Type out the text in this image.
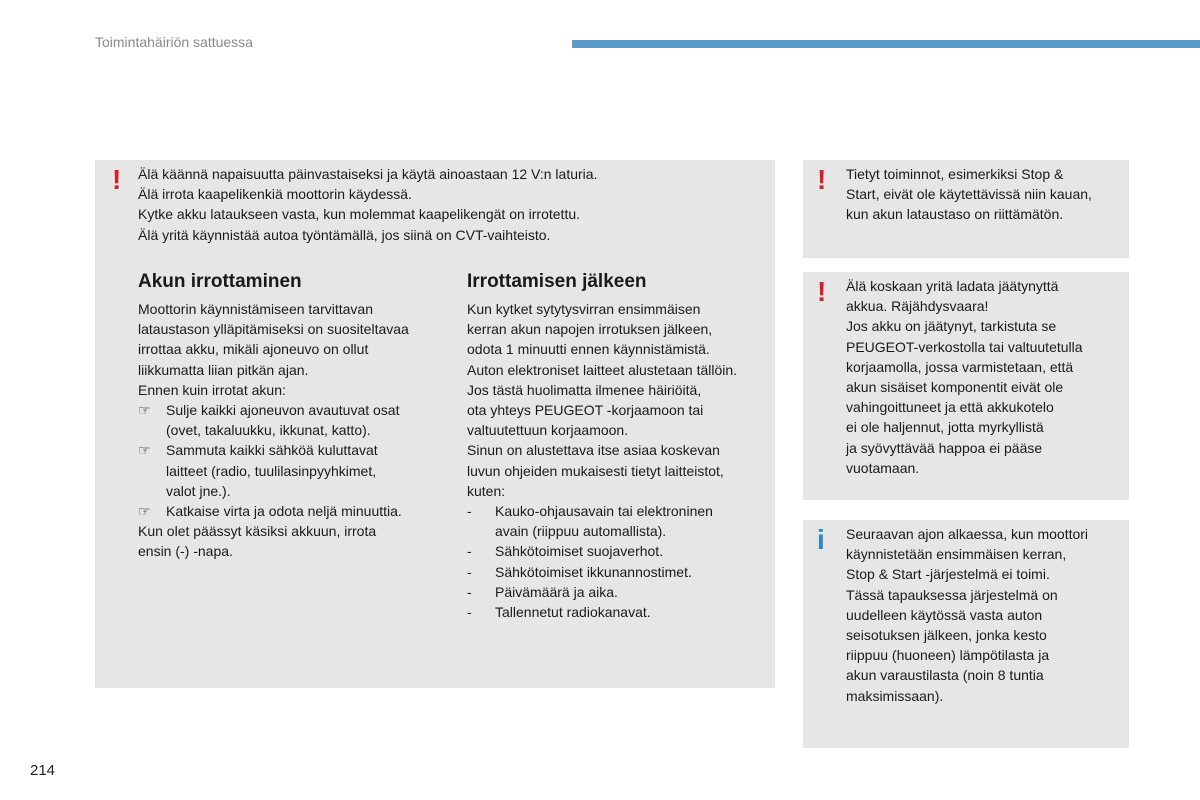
Toimintahäiriön sattuessa
!	!
!
i
Älä käännä napaisuutta päinvastaiseksi ja käytä ainoastaan 12 V:n laturia.
Älä irrota kaapelikenkiä moottorin käydessä.
Kytke akku lataukseen vasta, kun molemmat kaapelikengät on irrotettu.
Älä yritä käynnistää autoa työntämällä, jos siinä on CVT-vaihteisto.
Akun irrottaminen	Irrottamisen jälkeen
Moottorin käynnistämiseen tarvittavan
lataustason ylläpitämiseksi on suositeltavaa
irrottaa akku, mikäli ajoneuvo on ollut
liikkumatta liian pitkän ajan.
Ennen kuin irrotat akun:
☞	Sulje kaikki ajoneuvon avautuvat osat
(ovet, takaluukku, ikkunat, katto).
☞	Sammuta kaikki sähköä kuluttavat
laitteet (radio, tuulilasinpyyhkimet,
valot jne.).
☞	Katkaise virta ja odota neljä minuuttia.
Kun olet päässyt käsiksi akkuun, irrota
ensin (-) -napa.
Kun kytket sytytysvirran ensimmäisen
kerran akun napojen irrotuksen jälkeen,
odota 1 minuutti ennen käynnistämistä.
Auton elektroniset laitteet alustetaan tällöin.
Jos tästä huolimatta ilmenee häiriöitä,
ota yhteys PEUGEOT -korjaamoon tai
valtuutettuun korjaamoon.
Sinun on alustettava itse asiaa koskevan
luvun ohjeiden mukaisesti tietyt laitteistot,
kuten:
-	Kauko-ohjausavain tai elektroninen
avain (riippuu automallista).
-	Sähkötoimiset suojaverhot.
-	Sähkötoimiset ikkunannostimet.
-	Päivämäärä ja aika.
-	Tallennetut radiokanavat.
Tietyt toiminnot, esimerkiksi Stop &
Start, eivät ole käytettävissä niin kauan,
kun akun lataustaso on riittämätön.
Älä koskaan yritä ladata jäätynyttä
akkua. Räjähdysvaara!
Jos akku on jäätynyt, tarkistuta se
PEUGEOT-verkostolla tai valtuutetulla
korjaamolla, jossa varmistetaan, että
akun sisäiset komponentit eivät ole
vahingoittuneet ja että akkukotelo
ei ole haljennut, jotta myrkyllistä
ja syövyttävää happoa ei pääse
vuotamaan.
Seuraavan ajon alkaessa, kun moottori
käynnistetään ensimmäisen kerran,
Stop & Start -järjestelmä ei toimi.
Tässä tapauksessa järjestelmä on
uudelleen käytössä vasta auton
seisotuksen jälkeen, jonka kesto
riippuu (huoneen) lämpötilasta ja
akun varaustilasta (noin 8 tuntia
maksimissaan).
214
